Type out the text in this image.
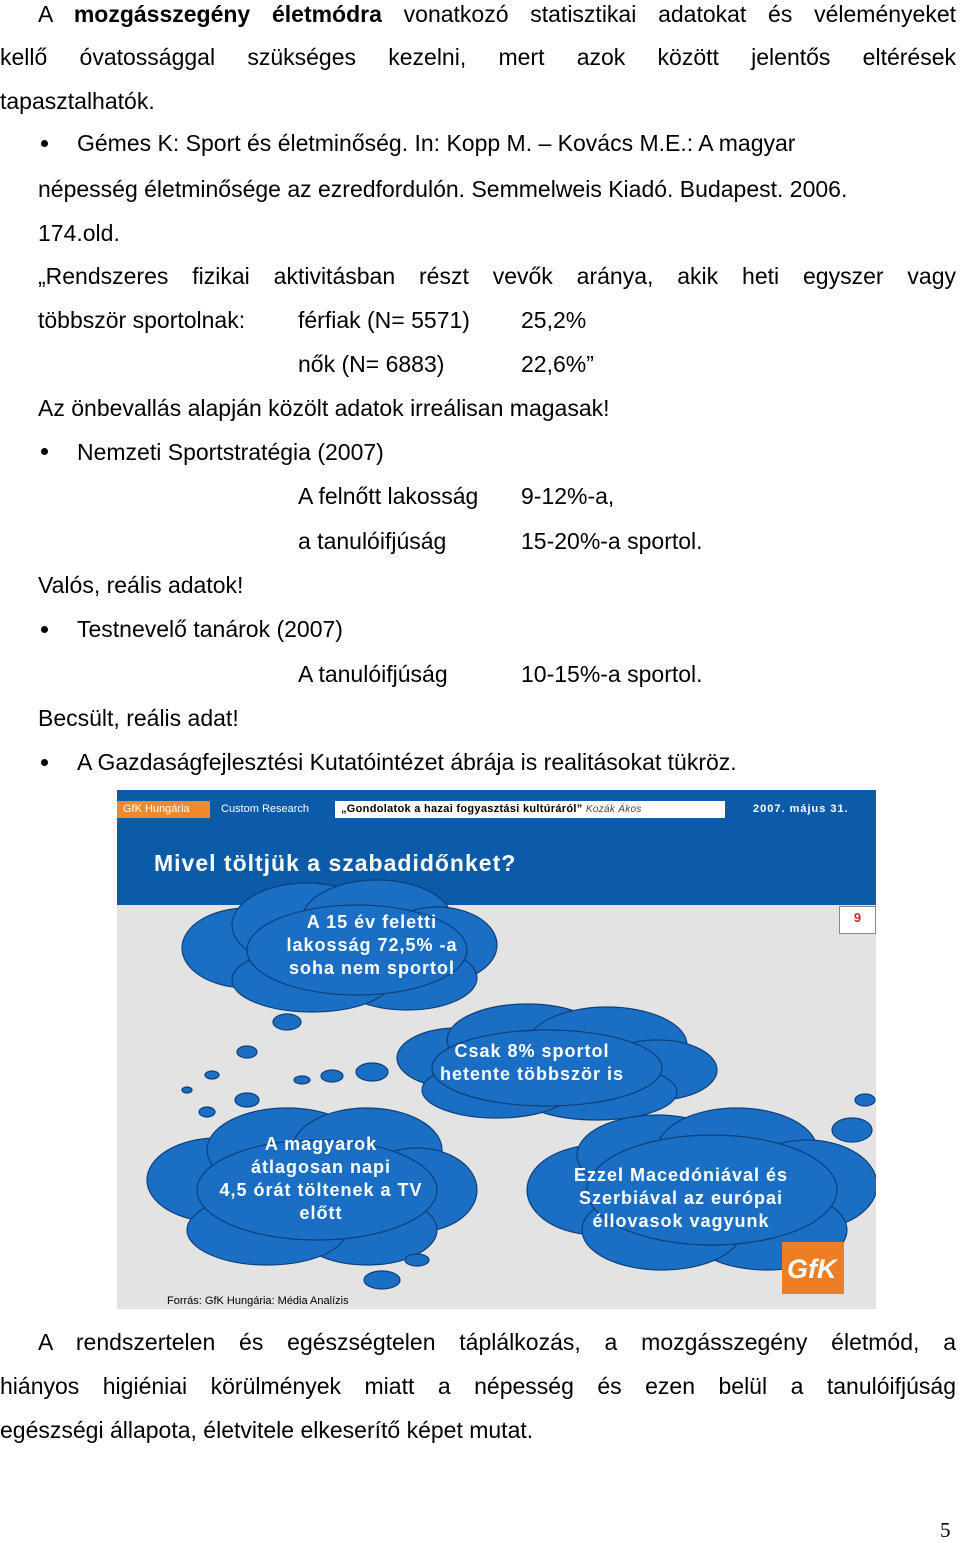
A mozgásszegény életmódra vonatkozó statisztikai adatokat és véleményeket
kellő óvatossággal szükséges kezelni, mert azok között jelentős eltérések
tapasztalhatók.
Gémes K: Sport és életminőség. In: Kopp M. – Kovács M.E.: A magyar
népesség életminősége az ezredfordulón. Semmelweis Kiadó. Budapest. 2006.
174.old.
„Rendszeres fizikai aktivitásban részt vevők aránya, akik heti egyszer vagy
többször sportolnak: férfiak (N= 5571) 25,2%
nők (N= 6883)	22,6%”
Az önbevallás alapján közölt adatok irreálisan magasak!
Nemzeti Sportstratégia (2007)
A felnőtt lakosság 9-12%-a,
a tanulóifjúság	15-20%-a sportol.
Valós, reális adatok!
Testnevelő tanárok (2007)
A tanulóifjúság	10-15%-a sportol.
Becsült, reális adat!
A Gazdaságfejlesztési Kutatóintézet ábrája is realitásokat tükröz.
GfK Hungária	Custom Research	„Gondolatok a hazai fogyasztási kultúráról” Kozák Ákos	2007. május 31.
Mivel töltjük a szabadidőnket?
9
A 15 év feletti
lakosság 72,5% -a
soha nem sportol
Csak 8% sportol
hetente többször is
A magyarok
átlagosan napi
4,5 órát töltenek a TV
előtt
Ezzel Macedóniával és
Szerbiával az európai
éllovasok vagyunk
GfK
Forrás: GfK Hungária: Média Analízis
A rendszertelen és egészségtelen táplálkozás, a mozgásszegény életmód, a
hiányos higiéniai körülmények miatt a népesség és ezen belül a tanulóifjúság
egészségi állapota, életvitele elkeserítő képet mutat.
5
